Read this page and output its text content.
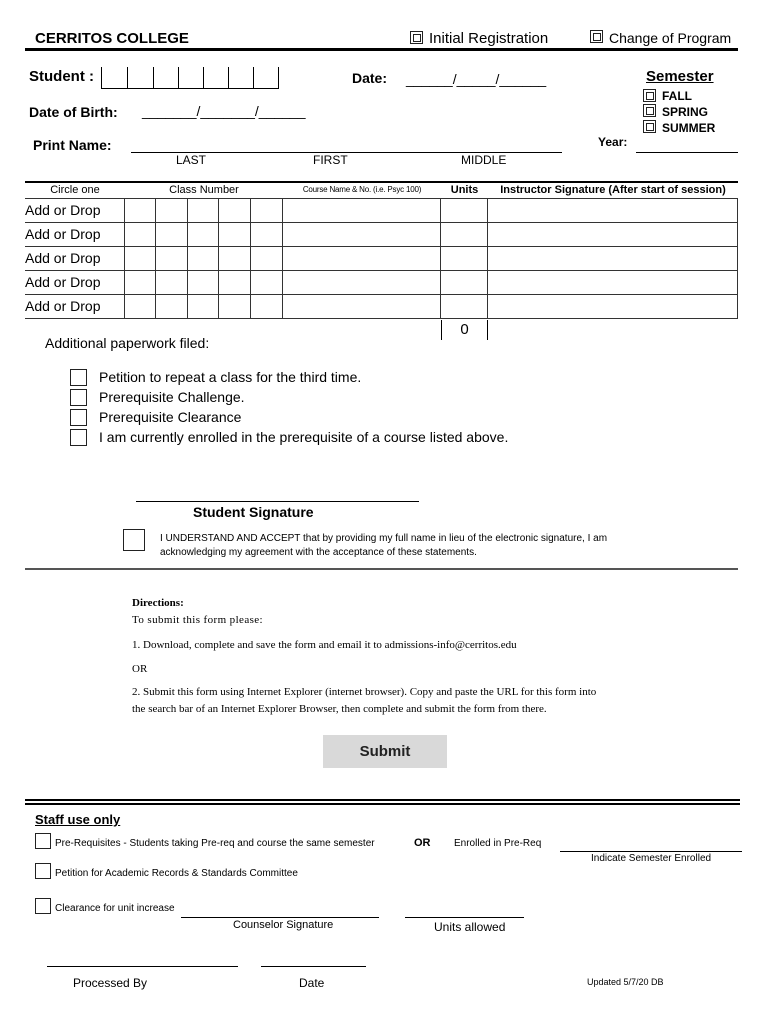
CERRITOS COLLEGE	Initial Registration	Change of Program
Student :	Date: ______/_____/______
Date of Birth: _______/_______/______
Print Name:
LAST	FIRST	MIDDLE
Semester
FALL
SPRING
SUMMER
Year:
Circle one	Class Number	Course Name & No. (i.e. Psyc 100)	Units	Instructor Signature (After start of session)
Add or Drop								
Add or Drop								
Add or Drop								
Add or Drop								
Add or Drop								
0
Additional paperwork filed:
Petition to repeat a class for the third time.
Prerequisite Challenge.
Prerequisite Clearance
I am currently enrolled in the prerequisite of a course listed above.
Student Signature
I UNDERSTAND AND ACCEPT that by providing my full name in lieu of the electronic signature, I am
acknowledging my agreement with the acceptance of these statements.
Directions:
To submit this form please:
1. Download, complete and save the form and email it to admissions-info@cerritos.edu
OR
2. Submit this form using Internet Explorer (internet browser). Copy and paste the URL for this form into
the search bar of an Internet Explorer Browser, then complete and submit the form from there.
Submit
Staff use only
Pre-Requisites - Students taking Pre-req and course the same semester	OR Enrolled in Pre-Req
Indicate Semester Enrolled
Petition for Academic Records & Standards Committee
Clearance for unit increase
Counselor Signature	Units allowed
Processed By	Date	Updated 5/7/20 DB
